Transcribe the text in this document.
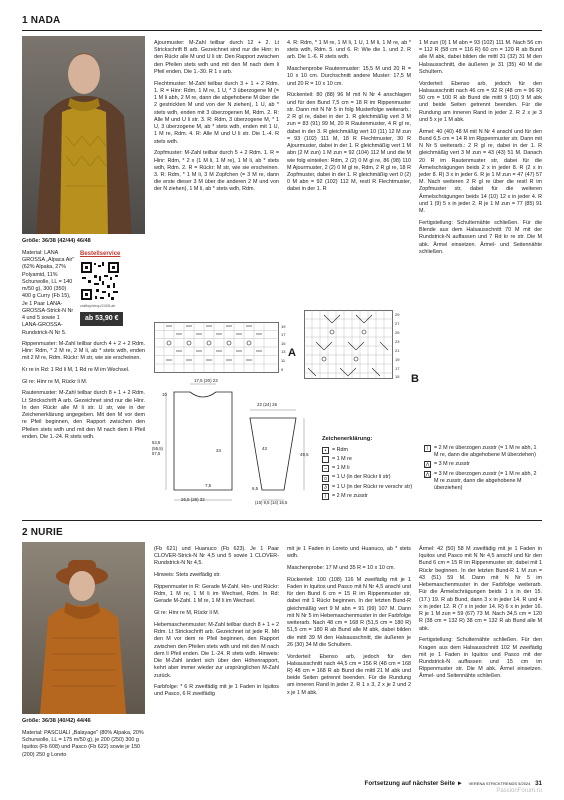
1 NADA

Größe: 36/38 (42/44) 46/48

Material: LANA GROSSA „Alpaca Air" (62% Alpaka, 27% Polyamid, 11% Schurwolle, LL = 140 m/50 g), 300 (350) 400 g Curry (Fb 15), Je 1 Paar LANA-GROSSA-Strick-N Nr 4 und 5 sowie 1 LANA-GROSSA-Rundstrick-N Nr 5.
Bestellservice
craftsy/shop/2405-air
ab 53,90 €

Rippenmuster: M-Zahl teilbar durch 4 + 2 + 2 Rdm. Hinr: Rdm, * 2 M re, 2 M li, ab * stets wdh, enden mit 2 M re, Rdm. Rückr: M str, wie sie erscheinen.

Kr re in Rd: 1 Rd li M, 1 Rd re M im Wechsel.

Gl re: Hinr re M, Rückr li M.

Rautenmuster: M-Zahl teilbar durch 8 + 1 + 2 Rdm. Lt Strickschrift A arb. Gezeichnet sind nur die Hinr. In den Rückr alle M li str. U str, wie in der Zeichenerklärung angegeben. Mit den M vor dem re Pfeil beginnen, den Rapport zwischen den Pfeilen stets wdh und mit den M nach dem li Pfeil enden. Die 1.-24. R stets wdh.

Ajourmuster: M-Zahl teilbar durch 12 + 2. Lt Strickschrift B arb. Gezeichnet sind nur die Hinr; in den Rückr alle M und U li str. Den Rapport zwischen den Pfeilen stets wdh und mit den M nach dem li Pfeil enden. Die 1.-30. R 1 x arb.

Flechtmuster: M-Zahl teilbar durch 3 + 1 + 2 Rdm. 1. R = Hinr: Rdm, 1 M re, 1 U, * 3 überzogene M (= 1 M li abh, 2 M re, dann die abgehobene M über die 2 gestrickten M und von der N ziehen), 1 U, ab * stets wdh, enden mit 3 überzogenen M, Rdm. 2. R: Alle M und U li str. 3. R: Rdm, 3 überzogene M, * 1 U, 3 überzogene M, ab * stets wdh, enden mit 1 U, 1 M re, Rdm. 4. R: Alle M und U li str. Die 1.-4. R stets wdh.

Zopfmuster: M-Zahl teilbar durch 5 + 2 Rdm. 1. R = Hinr: Rdm, * 2 x (1 M li, 1 M re), 1 M li, ab * stets wdh, Rdm. 2. R = Rückr: M str, wie sie erscheinen. 3. R: Rdm, * 1 M li, 3 M Zopfchen (= 3 M re, dann die erste dieser 3 M über die anderen 2 M und von der N ziehen), 1 M li, ab * stets wdh, Rdm.

4. R: Rdm, * 1 M re, 1 M li, 1 U, 1 M li, 1 M re, ab * stets wdh, Rdm. 5. und 6. R: Wie die 1. und 2. R arb. Die 1.-6. R stets wdh.

Maschenprobe Rautenmuster: 15,5 M und 20 R = 10 x 10 cm. Durchschnitt andere Muster: 17,5 M und 20 R = 10 x 10 cm.

Rückenteil: 80 (88) 96 M mit N Nr 4 anschlagen und für den Bund 7,5 cm = 18 R im Rippenmuster str. Dann mit N Nr 5 in folg Musterfolge weiterarb.: 2 R gl re, dabei in der 1. R gleichmäßig vert 3 M zun = 83 (91) 99 M, 20 R Rautenmuster, 4 R gl re, dabei in der 3. R gleichmäßig vert 10 (11) 12 M zun = 93 (102) 111 M, 18 R Flechtmuster, 30 R Ajourmuster, dabei in der 1. R gleichmäßig vert 1 M abn (2 M zun) 1 M zun = 92 (104) 112 M und die M wie folg einteilen: Rdm, 2 (2) 0 M gl re, 86 (98) 110 M Ajourmuster, 2 (2) 0 M gl re, Rdm, 2 R gl re, 18 R Zopfmuster, dabei in der 1. R gleichmäßig vert 0 (2) 0 M abn = 92 (102) 112 M, restl R Flechtmuster, dabei in der 1. R

1 M zun (0) 1 M abn = 93 (102) 111 M. Nach 56 cm = 112 R (58 cm = 116 R) 60 cm = 120 R ab Bund alle M abk, dabei bilden die mittl 31 (32) 31 M den Halsausschnitt, die äußeren je 31 (35) 40 M die Schultern.

Vorderteil: Ebenso arb, jedoch für den Halsausschnitt nach 46 cm = 92 R (48 cm = 96 R) 50 cm = 100 R ab Bund die mittl 9 (10) 9 M abk und beide Seiten getrennt beenden. Für die Rundung am inneren Rand in jeder 2. R 2 x je 3 und 5 x je 1 M abk.

Ärmel: 40 (40) 48 M mit N Nr 4 anschl und für den Bund 6,5 cm = 14 R im Rippenmuster str. Dann mit N Nr 5 weiterarb.: 2 R gl re, dabei in der 1. R gleichmäßig vert 3 M zun = 43 (43) 51 M. Danach 20 R im Rautenmuster str, dabei für die Ärmelschrägungen beids 2 x in jeder 8. R (2 x in jeder 8. R) 3 x in jeder 6. R je 1 M zun = 47 (47) 57 M. Nach weiteren 2 R gl re über die restl R im Zopfmuster str, dabei für die weiteren Ärmelschrägungen beids 14 (10) 12 x in jeder 4. R und 1 (9) 5 x in jeder 2. R je 1 M zun = 77 (85) 91 M.

Fertigstellung: Schulternähte schließen. Für die Blende aus dem Halsausschnitt 70 M mit der Rundstrick-N auffassen und 7 Rd kr re str. Die M abk. Ärmel einsetzen. Ärmel- und Seitennähte schließen.

19
17
15
13
11
9
A
29
27
25
23
21
19
17
15 B
17,5 (20) 23
10
53,5 (55,5) 57,5
34
7,5
26,5 (28) 32
22 (24) 26
49,5
43
6,5
(10) 9,5 (14) 16,5
Zeichenerklärung:
•	= Rdm
= 1 M re
– = 1 M li
o = 1 U (in der Rückr li str)
∂ = 1 U (in der Rückr re verschr str)
/	= 2 M re zusstr
\	= 2 M re überzogen zusstr (= 1 M re abh, 1 M re, dann die abgehobene M überziehen)
⋀ = 3 M re zusstr
⋀ = 3 M re überzogen zusstr (= 1 M re abh, 2 M re zusstr, dann die abgehobene M überziehen)
2 NURIE

Größe: 36/38 (40/42) 44/46

Material: PASCUALI „Balayage" (80% Alpaka, 20% Schurwolle, LL = 175 m/50 g), je 200 (250) 300 g Iquitos (Fb 608) und Pasco (Fb 622) sowie je 150 (200) 250 g Loreto

(Fb 621) und Huanuco (Fb 623). Je 1 Paar CLOVER-Strick-N Nr 4,5 und 5 sowie 1 CLOVER-Rundstrick-N Nr 4,5.

Hinweis: Stets zweifädig str.

Rippenmuster in R: Gerade M-Zahl. Hin- und Rückr: Rdm, 1 M re, 1 M li im Wechsel, Rdm. In Rd: Gerade M-Zahl. 1 M re, 1 M li im Wechsel.

Gl re: Hinr re M, Rückr li M.

Hebemaschenmuster: M-Zahl teilbar durch 8 + 1 + 2 Rdm. Lt Strickschrift arb. Gezeichnet ist jede R. Mit den M vor dem re Pfeil beginnen, den Rapport zwischen den Pfeilen stets wdh und mit den M nach dem li Pfeil enden. Die 1.-24. R stets wdh. Hinweis: Die M-Zahl ändert sich über den Höhenrapport, kehrt aber immer wieder zur ursprünglichen M-Zahl zurück.

Farbfolge: * 6 R zweifädig mit je 1 Faden in Iquitos und Pasco, 6 R zweifädig

mit je 1 Faden in Loreto und Huanuco, ab * stets wdh.

Maschenprobe: 17 M und 35 R = 10 x 10 cm.

Rückenteil: 100 (108) 116 M zweifädig mit je 1 Faden in Iquitos und Pasco mit N Nr 4,5 anschl und für den Bund 6 cm = 15 R im Rippenmuster str, dabei mit 1 Rückr beginnen. In der letzten Bund-R gleichmäßig vert 9 M abn = 91 (99) 107 M. Dann mit N Nr 5 im Hebemaschenmuster in der Farbfolge weiterarb. Nach 48 cm = 168 R (51,5 cm = 180 R) 51,5 cm = 180 R ab Bund alle M abk, dabei bilden die mittl 39 M den Halsausschnitt, die äußeren je 26 (30) 34 M die Schultern.

Vorderteil: Ebenso arb, jedoch für den Halsausschnitt nach 44,5 cm = 156 R (48 cm = 168 R) 48 cm = 168 R ab Bund die mittl 21 M abk und beide Seiten getrennt beenden. Für die Rundung am inneren Rand in jeder 2. R 1 x 3, 2 x je 2 und 2 x je 1 M abk.

Ärmel: 42 (50) 58 M zweifädig mit je 1 Faden in Iquitos und Pasco mit N Nr 4,5 anschl und für den Bund 6 cm = 15 R im Rippenmuster str, dabei mit 1 Rückr beginnen. In der letzten Bund-R 1 M zun = 43 (51) 59 M. Dann mit N Nr 5 im Hebemaschenmuster in der Farbfolge weiterarb. Für die Ärmelschrägungen beids 1 x in der 15. (17.) 19. R ab Bund, dann 3 x in jeder 14. R und 4 x in jeder 12. R (7 x in jeder 14. R) 6 x in jeder 16. R je 1 M zun = 59 (67) 73 M. Nach 34,5 cm = 120 R (38 cm = 132 R) 38 cm = 132 R ab Bund alle M abk.

Fertigstellung: Schulternähte schließen. Für den Kragen aus dem Halsausschnitt 102 M zweifädig mit je 1 Faden in Iquitos und Pasco mit der Rundstrick-N auffassen und 15 cm im Rippenmuster str. Die M abk. Ärmel einsetzen. Ärmel- und Seitennähte schließen.

Fortsetzung auf nächster Seite ► VERENA STRICKTRENDS 5/2024 31
PassionForum.ru
